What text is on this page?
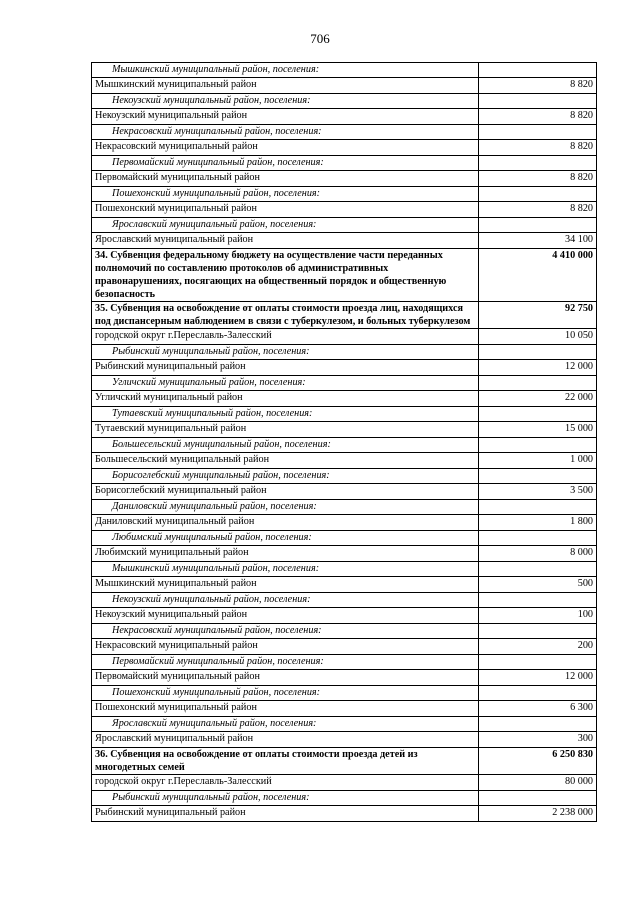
706
Мышкинский муниципальный район, поселения:	
Мышкинский муниципальный район	8 820
Некоузский муниципальный район, поселения:	
Некоузский муниципальный район	8 820
Некрасовский муниципальный район, поселения:	
Некрасовский муниципальный район	8 820
Первомайский муниципальный район, поселения:	
Первомайский муниципальный район	8 820
Пошехонский муниципальный район, поселения:	
Пошехонский муниципальный район	8 820
Ярославский муниципальный район, поселения:	
Ярославский муниципальный район	34 100
34. Субвенция федеральному бюджету на осуществление части переданных полномочий по составлению протоколов об административных правонарушениях, посягающих на общественный порядок и общественную безопасность	4 410 000
35. Субвенция на освобождение от оплаты стоимости проезда лиц, находящихся под диспансерным наблюдением в связи с туберкулезом, и больных туберкулезом	92 750
городской округ г.Переславль-Залесский	10 050
Рыбинский муниципальный район, поселения:	
Рыбинский муниципальный район	12 000
Угличский муниципальный район, поселения:	
Угличский муниципальный район	22 000
Тутаевский муниципальный район, поселения:	
Тутаевский муниципальный район	15 000
Большесельский муниципальный район, поселения:	
Большесельский муниципальный район	1 000
Борисоглебский муниципальный район, поселения:	
Борисоглебский муниципальный район	3 500
Даниловский муниципальный район, поселения:	
Даниловский муниципальный район	1 800
Любимский муниципальный район, поселения:	
Любимский муниципальный район	8 000
Мышкинский муниципальный район, поселения:	
Мышкинский муниципальный район	500
Некоузский муниципальный район, поселения:	
Некоузский муниципальный район	100
Некрасовский муниципальный район, поселения:	
Некрасовский муниципальный район	200
Первомайский муниципальный район, поселения:	
Первомайский муниципальный район	12 000
Пошехонский муниципальный район, поселения:	
Пошехонский муниципальный район	6 300
Ярославский муниципальный район, поселения:	
Ярославский муниципальный район	300
36. Субвенция на освобождение от оплаты стоимости проезда детей из многодетных семей	6 250 830
городской округ г.Переславль-Залесский	80 000
Рыбинский муниципальный район, поселения:	
Рыбинский муниципальный район	2 238 000
